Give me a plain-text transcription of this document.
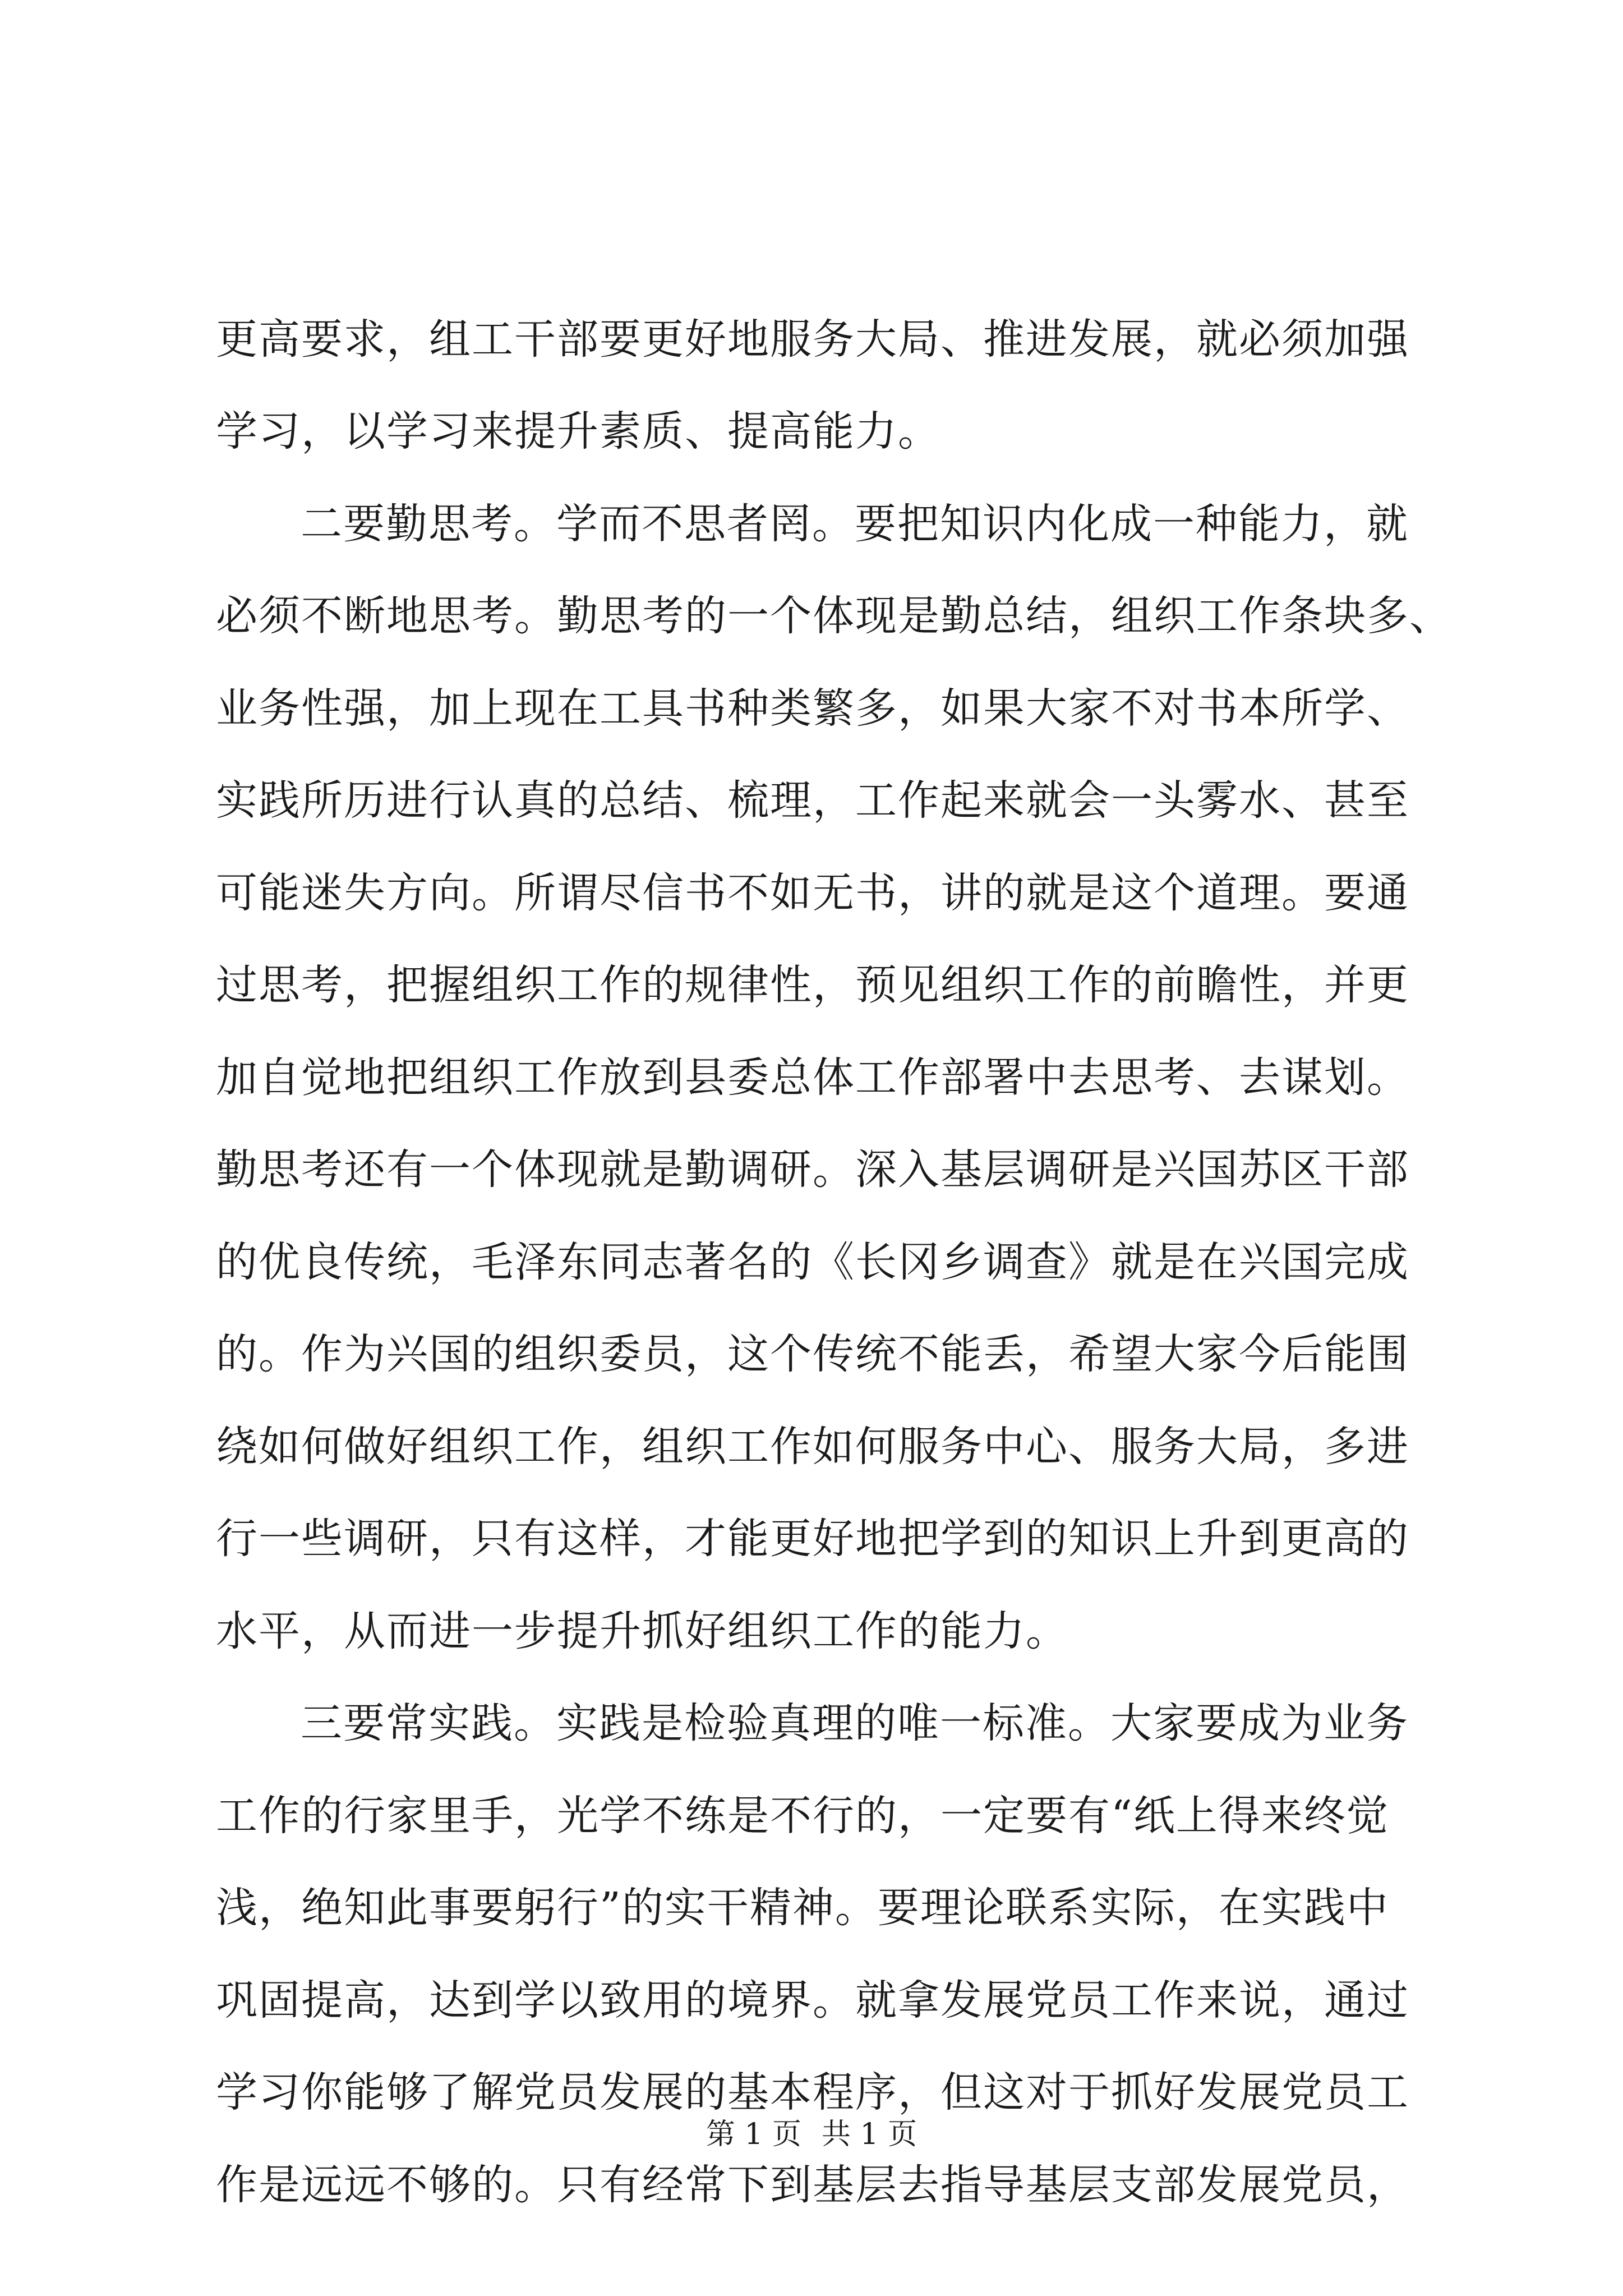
更高要求，组工干部要更好地服务大局、推进发展，就必须加强

学习，以学习来提升素质、提高能力。

二要勤思考。学而不思者罔。要把知识内化成一种能力，就

必须不断地思考。勤思考的一个体现是勤总结，组织工作条块多、

业务性强，加上现在工具书种类繁多，如果大家不对书本所学、

实践所历进行认真的总结、梳理，工作起来就会一头雾水、甚至

可能迷失方向。所谓尽信书不如无书，讲的就是这个道理。要通

过思考，把握组织工作的规律性，预见组织工作的前瞻性，并更

加自觉地把组织工作放到县委总体工作部署中去思考、去谋划。

勤思考还有一个体现就是勤调研。深入基层调研是兴国苏区干部

的优良传统，毛泽东同志著名的《长冈乡调查》就是在兴国完成

的。作为兴国的组织委员，这个传统不能丢，希望大家今后能围

绕如何做好组织工作，组织工作如何服务中心、服务大局，多进

行一些调研，只有这样，才能更好地把学到的知识上升到更高的

水平，从而进一步提升抓好组织工作的能力。

三要常实践。实践是检验真理的唯一标准。大家要成为业务

工作的行家里手，光学不练是不行的，一定要有“纸上得来终觉

浅，绝知此事要躬行”的实干精神。要理论联系实际，在实践中

巩固提高，达到学以致用的境界。就拿发展党员工作来说，通过

学习你能够了解党员发展的基本程序，但这对于抓好发展党员工

作是远远不够的。只有经常下到基层去指导基层支部发展党员，

第 1 页 共 1 页
